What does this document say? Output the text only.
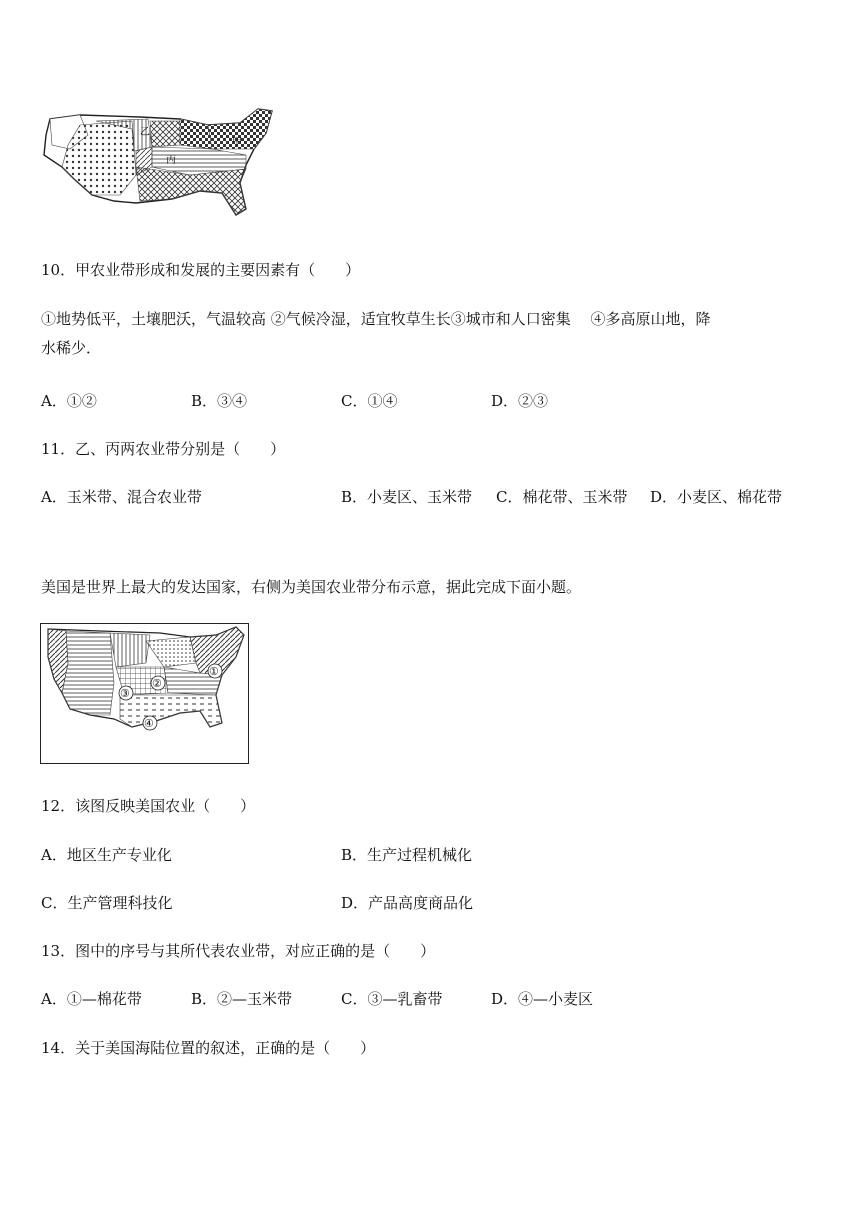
乙
甲
丙
10．甲农业带形成和发展的主要因素有（　　）
①地势低平，土壤肥沃，气温较高 ②气候冷湿，适宜牧草生长③城市和人口密集 　④多高原山地，降
水稀少．
A．①②	B．③④	C．①④	D．②③
11．乙、丙两农业带分别是（　　）
A．玉米带、混合农业带	B．小麦区、玉米带 C．棉花带、玉米带 D．小麦区、棉花带
美国是世界上最大的发达国家，右侧为美国农业带分布示意，据此完成下面小题。
①
②
③
④
12．该图反映美国农业（　　）
A．地区生产专业化	B．生产过程机械化
C．生产管理科技化	D．产品高度商品化
13．图中的序号与其所代表农业带，对应正确的是（　　）
A．①—棉花带	B．②—玉米带	C．③—乳畜带	D．④—小麦区
14．关于美国海陆位置的叙述，正确的是（　　）
